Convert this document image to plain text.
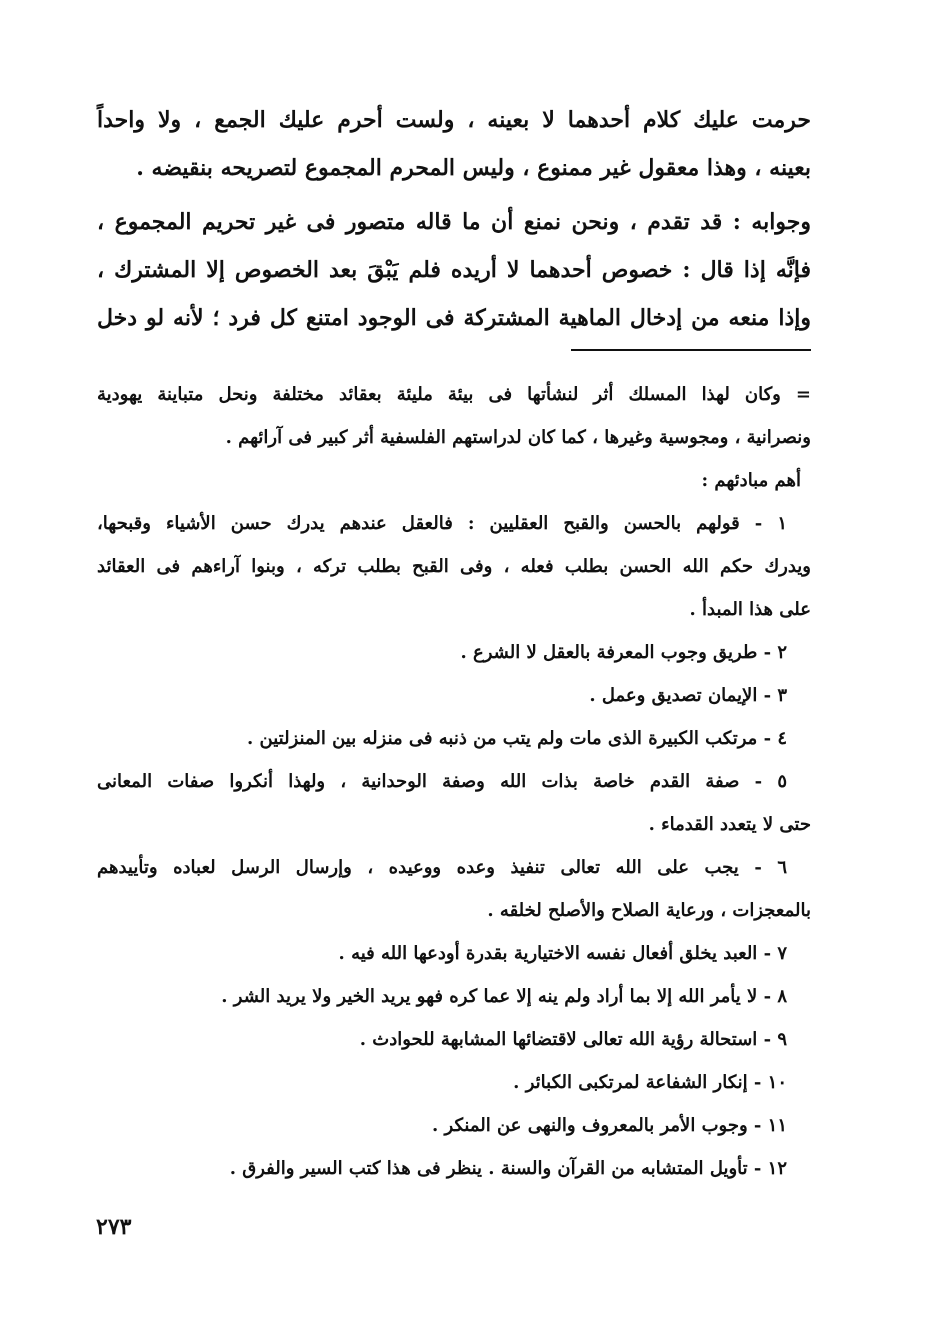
حرمت عليك كلام أحدهما لا بعينه ، ولست أحرم عليك الجمع ، ولا واحداً
بعينه ، وهذا معقول غير ممنوع ، وليس المحرم المجموع لتصريحه بنقيضه .
وجوابه : قد تقدم ، ونحن نمنع أن ما قاله متصور فى غير تحريم المجموع ،
فإنَّه إذا قال : خصوص أحدهما لا أريده فلم يَبْقَ بعد الخصوص إلا المشترك ،
وإذا منعه من إدخال الماهية المشتركة فى الوجود امتنع كل فرد ؛ لأنه لو دخل
= وكان لهذا المسلك أثر لنشأتها فى بيئة مليئة بعقائد مختلفة ونحل متباينة يهودية
ونصرانية ، ومجوسية وغيرها ، كما كان لدراستهم الفلسفية أثر كبير فى آرائهم .
أهم مبادئهم :
١ - قولهم بالحسن والقبح العقليين : فالعقل عندهم يدرك حسن الأشياء وقبحها،
ويدرك حكم الله الحسن بطلب فعله ، وفى القبح بطلب تركه ، وبنوا آراءهم فى العقائد
على هذا المبدأ .
٢ - طريق وجوب المعرفة بالعقل لا الشرع .
٣ - الإيمان تصديق وعمل .
٤ - مرتكب الكبيرة الذى مات ولم يتب من ذنبه فى منزله بين المنزلتين .
٥ - صفة القدم خاصة بذات الله وصفة الوحدانية ، ولهذا أنكروا صفات المعانى
حتى لا يتعدد القدماء .
٦ - يجب على الله تعالى تنفيذ وعده ووعيده ، وإرسال الرسل لعباده وتأييدهم
بالمعجزات ، ورعاية الصلاح والأصلح لخلقه .
٧ - العبد يخلق أفعال نفسه الاختيارية بقدرة أودعها الله فيه .
٨ - لا يأمر الله إلا بما أراد ولم ينه إلا عما كره فهو يريد الخير ولا يريد الشر .
٩ - استحالة رؤية الله تعالى لاقتضائها المشابهة للحوادث .
١٠ - إنكار الشفاعة لمرتكبى الكبائر .
١١ - وجوب الأمر بالمعروف والنهى عن المنكر .
١٢ - تأويل المتشابه من القرآن والسنة . ينظر فى هذا كتب السير والفرق .
٢٧٣
